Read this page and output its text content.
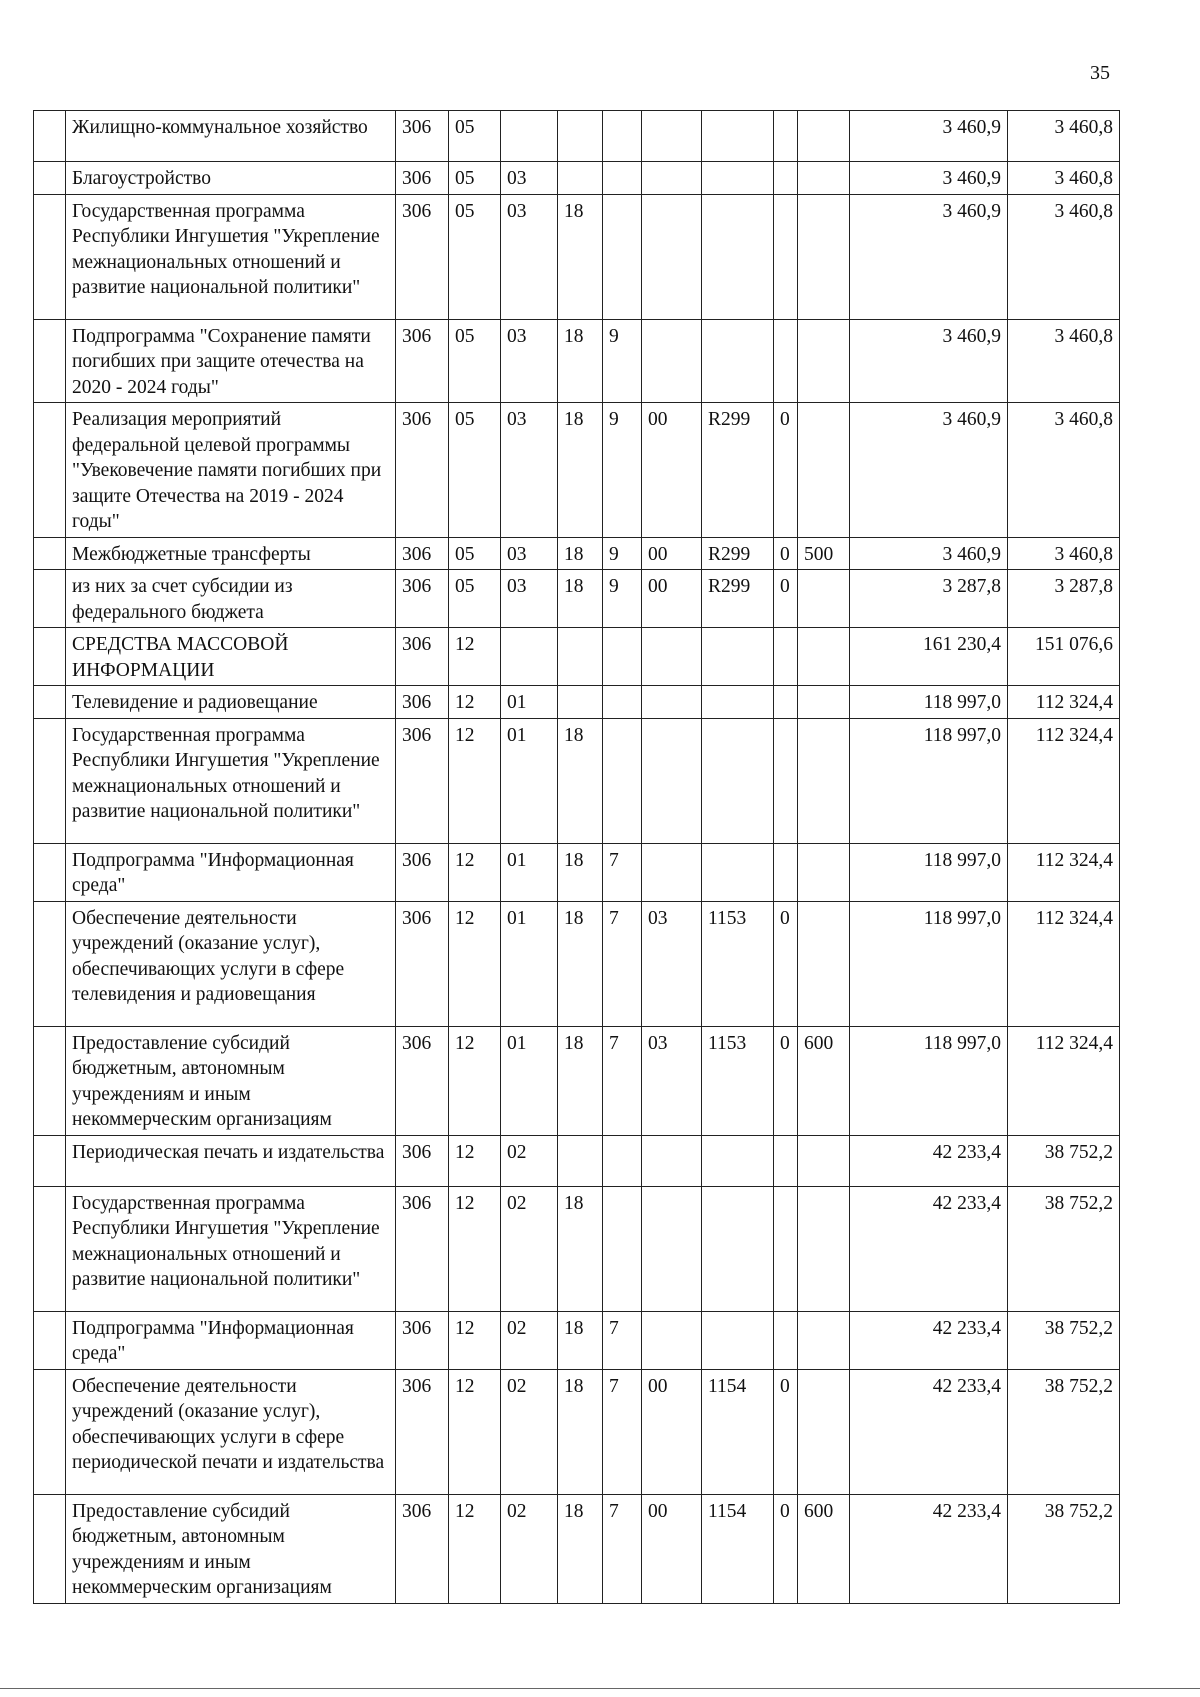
35
	Жилищно-коммунальное хозяйство	306	05								3 460,9	3 460,8
	Благоустройство	306	05	03							3 460,9	3 460,8
	Государственная программа Республики Ингушетия "Укрепление межнациональных отношений и развитие национальной политики"	306	05	03	18						3 460,9	3 460,8
	Подпрограмма "Сохранение памяти погибших при защите отечества на 2020 - 2024 годы"	306	05	03	18	9					3 460,9	3 460,8
	Реализация мероприятий федеральной целевой программы "Увековечение памяти погибших при защите Отечества на 2019 - 2024 годы"	306	05	03	18	9	00	R299	0		3 460,9	3 460,8
	Межбюджетные трансферты	306	05	03	18	9	00	R299	0	500	3 460,9	3 460,8
	из них за счет субсидии из федерального бюджета	306	05	03	18	9	00	R299	0		3 287,8	3 287,8
	СРЕДСТВА МАССОВОЙ ИНФОРМАЦИИ	306	12								161 230,4	151 076,6
	Телевидение и радиовещание	306	12	01							118 997,0	112 324,4
	Государственная программа Республики Ингушетия "Укрепление межнациональных отношений и развитие национальной политики"	306	12	01	18						118 997,0	112 324,4
	Подпрограмма "Информационная среда"	306	12	01	18	7					118 997,0	112 324,4
	Обеспечение деятельности учреждений (оказание услуг), обеспечивающих услуги в сфере телевидения и радиовещания	306	12	01	18	7	03	1153	0		118 997,0	112 324,4
	Предоставление субсидий бюджетным, автономным учреждениям и иным некоммерческим организациям	306	12	01	18	7	03	1153	0	600	118 997,0	112 324,4
	Периодическая печать и издательства	306	12	02							42 233,4	38 752,2
	Государственная программа Республики Ингушетия "Укрепление межнациональных отношений и развитие национальной политики"	306	12	02	18						42 233,4	38 752,2
	Подпрограмма "Информационная среда"	306	12	02	18	7					42 233,4	38 752,2
	Обеспечение деятельности учреждений (оказание услуг), обеспечивающих услуги в сфере периодической печати и издательства	306	12	02	18	7	00	1154	0		42 233,4	38 752,2
	Предоставление субсидий бюджетным, автономным учреждениям и иным некоммерческим организациям	306	12	02	18	7	00	1154	0	600	42 233,4	38 752,2
